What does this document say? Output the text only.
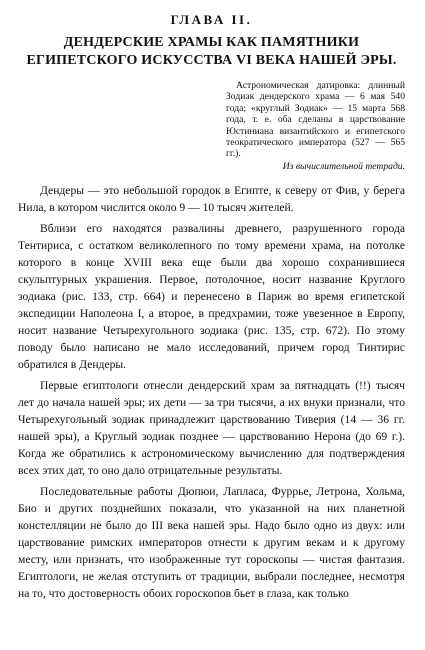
ГЛАВА II.
ДЕНДЕРСКИЕ ХРАМЫ КАК ПАМЯТНИКИ ЕГИПЕТСКОГО ИСКУССТВА VI ВЕКА НАШЕЙ ЭРЫ.
Астрономическая датировка: длинный Зодиак дендерского храма — 6 мая 540 года; «круглый Зодиак» — 15 марта 568 года, т. е. оба сделаны в царствование Юстиниана византийского и египетского теократического императора (527 — 565 гг.).
Из вычислительной тетради.

Дендеры — это небольшой городок в Египте, к северу от Фив, у берега Нила, в котором числится около 9 — 10 тысяч жителей.

Вблизи его находятся развалины древнего, разрушенного города Тентириса, с остатком великолепного по тому времени храма, на потолке которого в конце XVIII века еще были два хорошо сохранившиеся скульптурных украшения. Первое, потолочное, носит название Круглого зодиака (рис. 133, стр. 664) и перенесено в Париж во время египетской экспедиции Наполеона I, а второе, в предхрамии, тоже увезенное в Европу, носит название Четырехугольного зодиака (рис. 135, стр. 672). По этому поводу было написано не мало исследований, причем город Тинтирис обратился в Дендеры.

Первые египтологи отнесли дендерский храм за пятнадцать (!!) тысяч лет до начала нашей эры; их дети — за три тысячи, а их внуки признали, что Четырехугольный зодиак принадлежит царствованию Тиверия (14 — 36 гг. нашей эры), а Круглый зодиак позднее — царствованию Нерона (до 69 г.). Когда же обратились к астрономическому вычислению для подтверждения всех этих дат, то оно дало отрицательные результаты.

Последовательные работы Дюпюи, Лапласа, Фуррье, Летрона, Хольма, Био и других позднейших показали, что указанной на них планетной констелляции не было до III века нашей эры. Надо было одно из двух: или царствование римских императоров отнести к другим векам и к другому месту, или признать, что изображенные тут гороскопы — чистая фантазия. Египтологи, не желая отступить от традиции, выбрали последнее, несмотря на то, что достоверность обоих гороскопов бьет в глаза, как только
